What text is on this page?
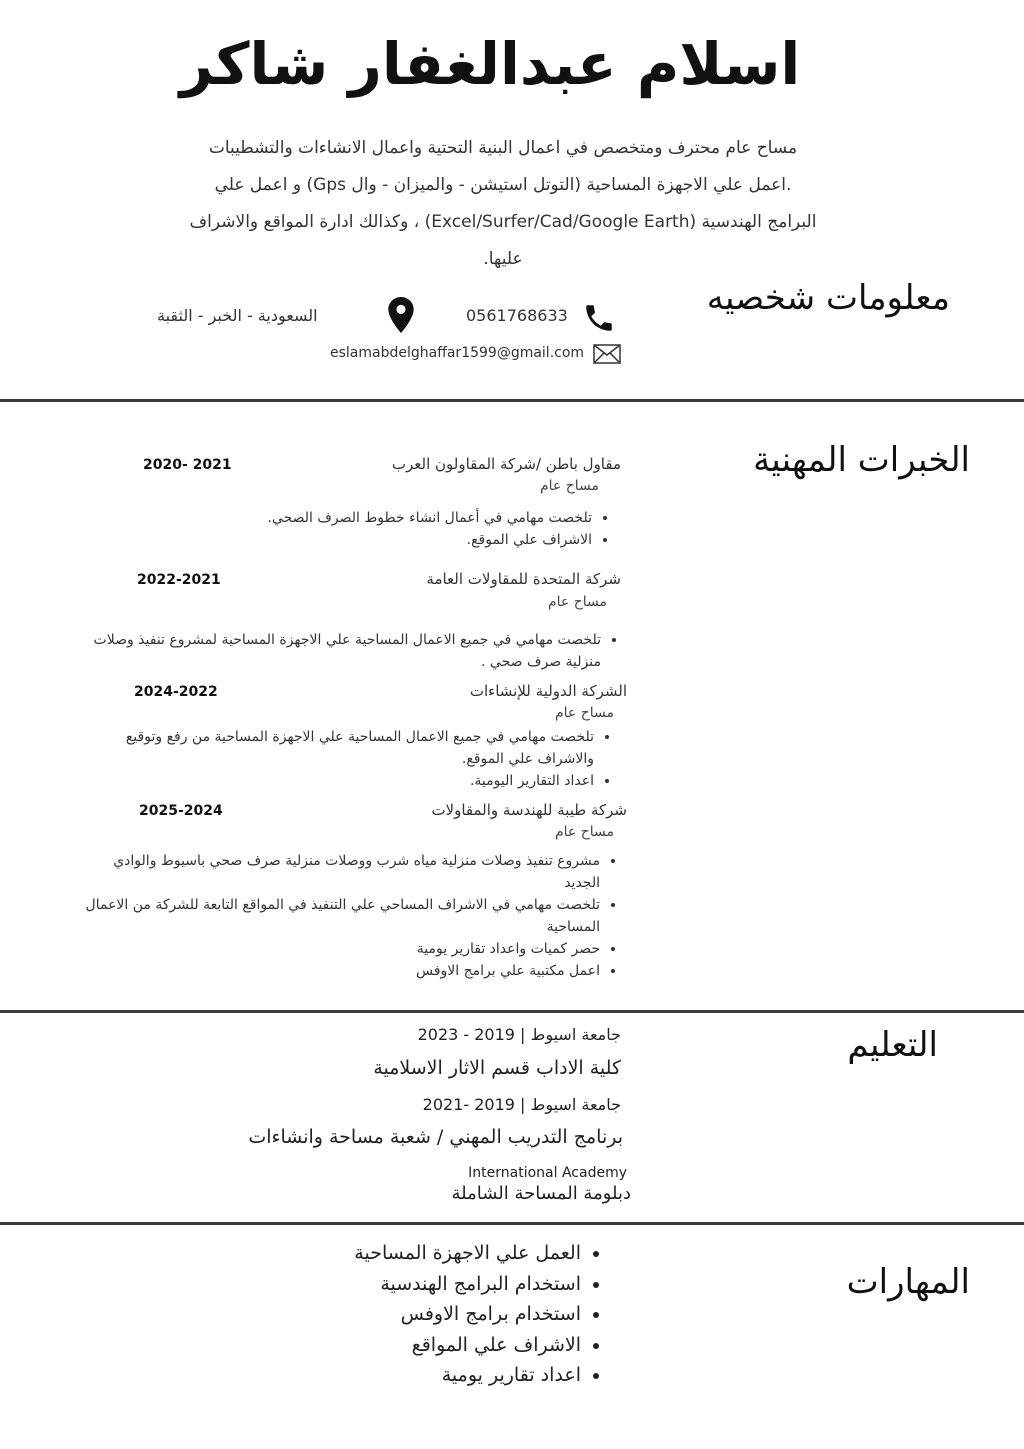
اسلام عبدالغفار شاكر
مساح عام محترف ومتخصص في اعمال البنية التحتية واعمال الانشاءات والتشطيبات
.اعمل علي الاجهزة المساحية (التوتل استيشن - والميزان - وال Gps) و اعمل علي
البرامج الهندسية (Excel/Surfer/Cad/Google Earth) ، وكذالك ادارة المواقع والاشراف
عليها.
معلومات شخصيه
0561768633
السعودية - الخبر - الثقبة
eslamabdelghaffar1599@gmail.com
الخبرات المهنية
مقاول باطن /شركة المقاولون العرب
2020- 2021
مساح عام
• تلخصت مهامي في أعمال انشاء خطوط الصرف الصحي.
• الاشراف علي الموقع.
شركة المتحدة للمقاولات العامة
2022-2021
مساح عام
• تلخصت مهامي في جميع الاعمال المساحية علي الاجهزة المساحية لمشروع تنفيذ وصلات منزلية صرف صحي .
الشركة الدولية للإنشاءات
2024-2022
مساح عام
• تلخصت مهامي في جميع الاعمال المساحية علي الاجهزة المساحية من رفع وتوقيع والاشراف علي الموقع.
• اعداد التقارير اليومية.
شركة طيبة للهندسة والمقاولات
2025-2024
مساح عام
• مشروع تنفيذ وصلات منزلية مياه شرب ووصلات منزلية صرف صحي باسيوط والوادي الجديد
• تلخصت مهامي في الاشراف المساحي علي التنفيذ في المواقع التابعة للشركة من الاعمال المساحية
• حصر كميات واعداد تقارير يومية
• اعمل مكتبية علي برامج الاوفس
التعليم
جامعة اسيوط | 2019 - 2023
كلية الاداب قسم الاثار الاسلامية
جامعة اسيوط | 2019 -2021
برنامج التدريب المهني / شعبة مساحة وانشاءات
International Academy
دبلومة المساحة الشاملة
المهارات
• العمل علي الاجهزة المساحية
• استخدام البرامج الهندسية
• استخدام برامج الاوفس
• الاشراف علي المواقع
• اعداد تقارير يومية
